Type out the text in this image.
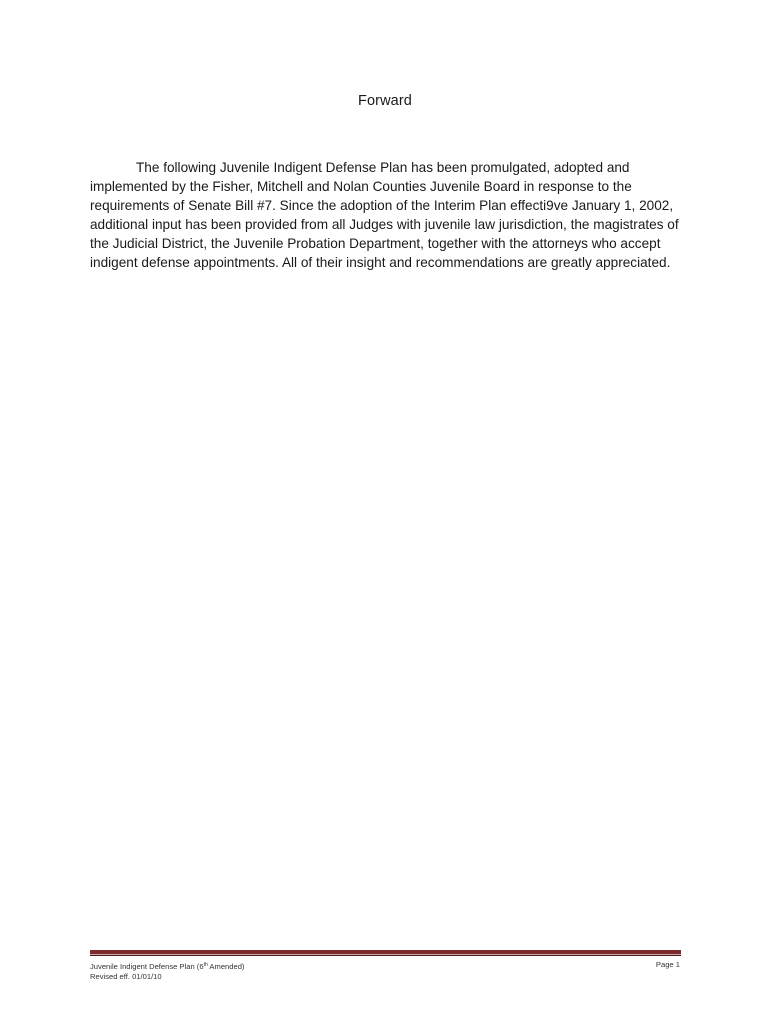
Forward

The following Juvenile Indigent Defense Plan has been promulgated, adopted and implemented by the Fisher, Mitchell and Nolan Counties Juvenile Board in response to the requirements of Senate Bill #7. Since the adoption of the Interim Plan effecti9ve January 1, 2002, additional input has been provided from all Judges with juvenile law jurisdiction, the magistrates of the Judicial District, the Juvenile Probation Department, together with the attorneys who accept indigent defense appointments. All of their insight and recommendations are greatly appreciated.

Juvenile Indigent Defense Plan (6th Amended)
Revised eff. 01/01/10
Page 1
